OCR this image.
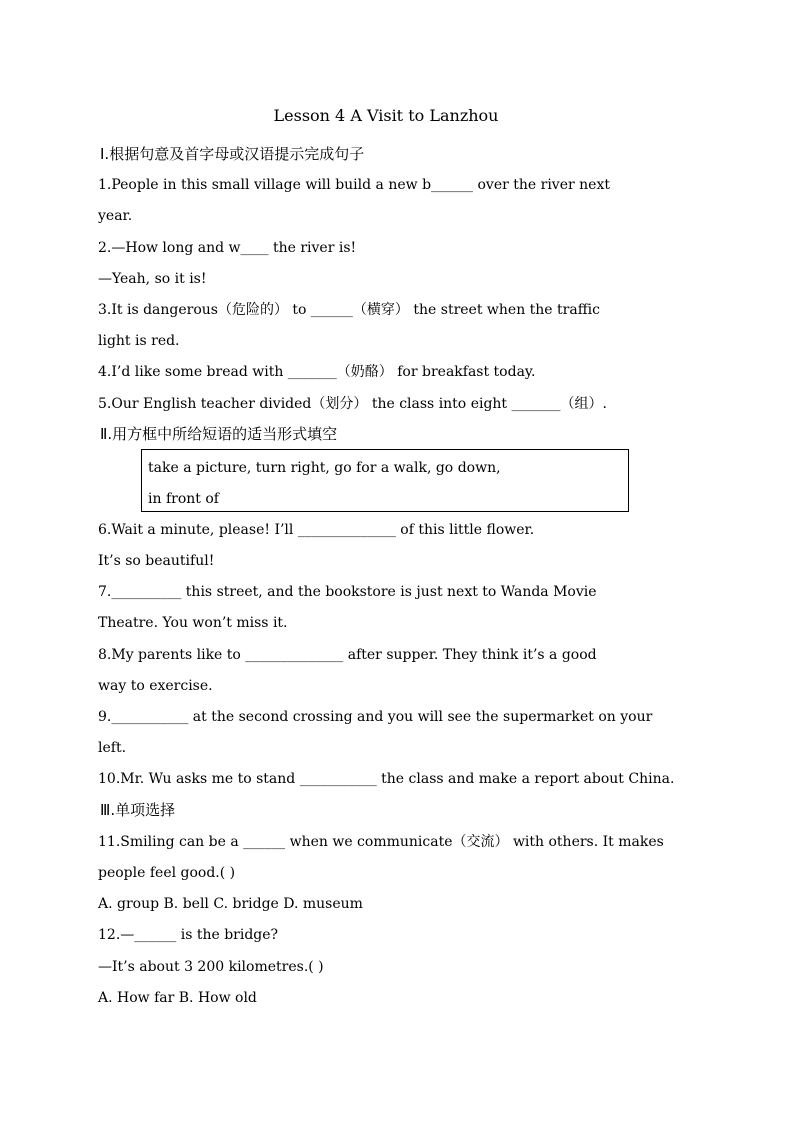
Lesson 4 A Visit to Lanzhou
Ⅰ.根据句意及首字母或汉语提示完成句子
1.People in this small village will build a new b______ over the river next
year.
2.—How long and w____ the river is!
—Yeah, so it is!
3.It is dangerous（危险的） to ______（横穿） the street when the traffic
light is red.
4.I’d like some bread with _______（奶酪） for breakfast today.
5.Our English teacher divided（划分） the class into eight _______（组）.
Ⅱ.用方框中所给短语的适当形式填空
take a picture, turn right, go for a walk, go down,
in front of
6.Wait a minute, please! I’ll ______________ of this little flower.
It’s so beautiful!
7.__________ this street, and the bookstore is just next to Wanda Movie
Theatre. You won’t miss it.
8.My parents like to ______________ after supper. They think it’s a good
way to exercise.
9.___________ at the second crossing and you will see the supermarket on your
left.
10.Mr. Wu asks me to stand ___________ the class and make a report about China.
Ⅲ.单项选择
11.Smiling can be a ______ when we communicate（交流） with others. It makes
people feel good.( )
A. group B. bell C. bridge D. museum
12.—______ is the bridge?
—It’s about 3 200 kilometres.( )
A. How far B. How old
